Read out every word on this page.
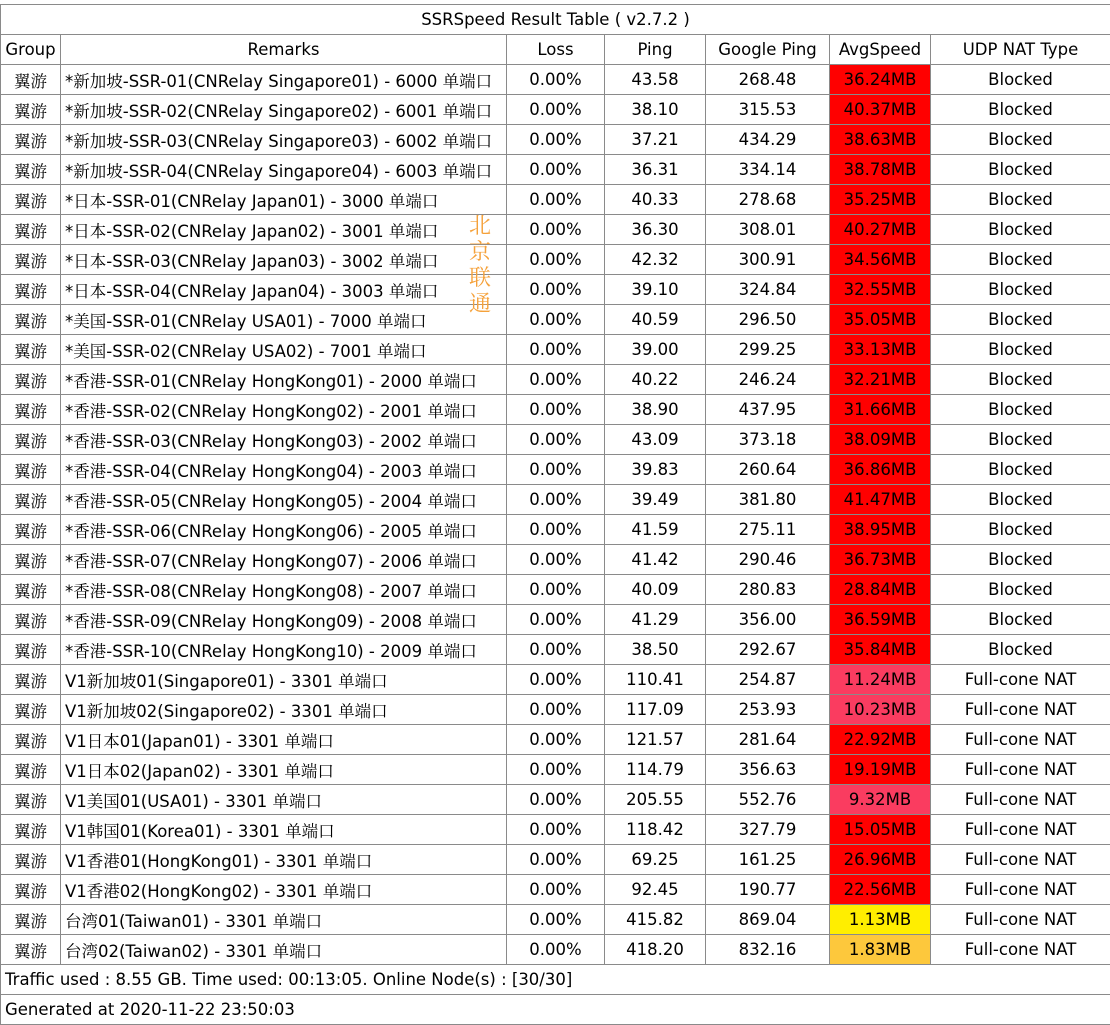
SSRSpeed Result Table ( v2.7.2 )						
Group	Remarks	Loss	Ping	Google Ping	AvgSpeed	UDP NAT Type
翼游	*新加坡-SSR-01(CNRelay Singapore01) - 6000 单端口	0.00%	43.58	268.48	36.24MB	Blocked
翼游	*新加坡-SSR-02(CNRelay Singapore02) - 6001 单端口	0.00%	38.10	315.53	40.37MB	Blocked
翼游	*新加坡-SSR-03(CNRelay Singapore03) - 6002 单端口	0.00%	37.21	434.29	38.63MB	Blocked
翼游	*新加坡-SSR-04(CNRelay Singapore04) - 6003 单端口	0.00%	36.31	334.14	38.78MB	Blocked
翼游	*日本-SSR-01(CNRelay Japan01) - 3000 单端口	0.00%	40.33	278.68	35.25MB	Blocked
翼游	*日本-SSR-02(CNRelay Japan02) - 3001 单端口	0.00%	36.30	308.01	40.27MB	Blocked
翼游	*日本-SSR-03(CNRelay Japan03) - 3002 单端口	0.00%	42.32	300.91	34.56MB	Blocked
翼游	*日本-SSR-04(CNRelay Japan04) - 3003 单端口	0.00%	39.10	324.84	32.55MB	Blocked
翼游	*美国-SSR-01(CNRelay USA01) - 7000 单端口	0.00%	40.59	296.50	35.05MB	Blocked
翼游	*美国-SSR-02(CNRelay USA02) - 7001 单端口	0.00%	39.00	299.25	33.13MB	Blocked
翼游	*香港-SSR-01(CNRelay HongKong01) - 2000 单端口	0.00%	40.22	246.24	32.21MB	Blocked
翼游	*香港-SSR-02(CNRelay HongKong02) - 2001 单端口	0.00%	38.90	437.95	31.66MB	Blocked
翼游	*香港-SSR-03(CNRelay HongKong03) - 2002 单端口	0.00%	43.09	373.18	38.09MB	Blocked
翼游	*香港-SSR-04(CNRelay HongKong04) - 2003 单端口	0.00%	39.83	260.64	36.86MB	Blocked
翼游	*香港-SSR-05(CNRelay HongKong05) - 2004 单端口	0.00%	39.49	381.80	41.47MB	Blocked
翼游	*香港-SSR-06(CNRelay HongKong06) - 2005 单端口	0.00%	41.59	275.11	38.95MB	Blocked
翼游	*香港-SSR-07(CNRelay HongKong07) - 2006 单端口	0.00%	41.42	290.46	36.73MB	Blocked
翼游	*香港-SSR-08(CNRelay HongKong08) - 2007 单端口	0.00%	40.09	280.83	28.84MB	Blocked
翼游	*香港-SSR-09(CNRelay HongKong09) - 2008 单端口	0.00%	41.29	356.00	36.59MB	Blocked
翼游	*香港-SSR-10(CNRelay HongKong10) - 2009 单端口	0.00%	38.50	292.67	35.84MB	Blocked
翼游	V1新加坡01(Singapore01) - 3301 单端口	0.00%	110.41	254.87	11.24MB	Full-cone NAT
翼游	V1新加坡02(Singapore02) - 3301 单端口	0.00%	117.09	253.93	10.23MB	Full-cone NAT
翼游	V1日本01(Japan01) - 3301 单端口	0.00%	121.57	281.64	22.92MB	Full-cone NAT
翼游	V1日本02(Japan02) - 3301 单端口	0.00%	114.79	356.63	19.19MB	Full-cone NAT
翼游	V1美国01(USA01) - 3301 单端口	0.00%	205.55	552.76	9.32MB	Full-cone NAT
翼游	V1韩国01(Korea01) - 3301 单端口	0.00%	118.42	327.79	15.05MB	Full-cone NAT
翼游	V1香港01(HongKong01) - 3301 单端口	0.00%	69.25	161.25	26.96MB	Full-cone NAT
翼游	V1香港02(HongKong02) - 3301 单端口	0.00%	92.45	190.77	22.56MB	Full-cone NAT
翼游	台湾01(Taiwan01) - 3301 单端口	0.00%	415.82	869.04	1.13MB	Full-cone NAT
翼游	台湾02(Taiwan02) - 3301 单端口	0.00%	418.20	832.16	1.83MB	Full-cone NAT
Traffic used : 8.55 GB. Time used: 00:13:05. Online Node(s) : [30/30]						
Generated at 2020-11-22 23:50:03						
北
京
联
通
